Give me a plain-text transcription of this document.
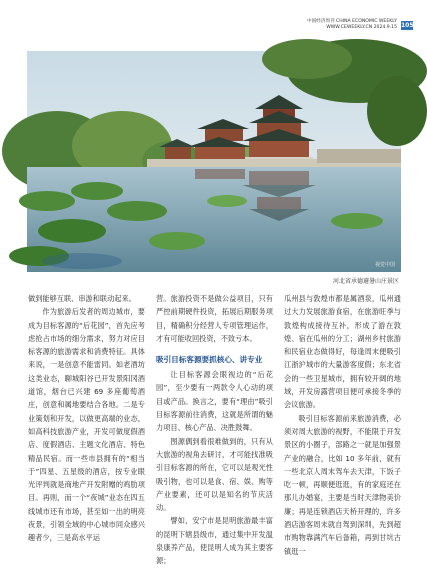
中国经济周刊 CHINA ECONOMIC WEEKLY
WWW.CEWEEKLY.CN 2024.9.15 105
视觉中国
河北省承德避暑山庄景区

做到能够互联、串游和联动起来。

作为旅游后发者的周边城市，要成为目标客源的“后花园”，首先应考虑抢占市场的细分需求，努力对应目标客源的旅游需求和消费特征。具体来说，一是创意不能雷同。如老酒坊这类业态，聊城阳谷已开发景阳冈酒道馆，烟台已兴建 69 多座葡萄酒庄，创意和属地要结合各地。二是专业策划和开发，以做更高端的业态，如高科技旅游产业，开发可做度假酒店、度假酒店、主题文化酒店、特色精品民宿。而一些市县拥有的“相当于”四星、五星级的酒店，按专业眼光评判就是商地产开发附赠的鸡肋项目。再则，而一个“夜城”业态在四五线城市还有市场，甚至如一出的明亮夜景，引领全域的中心城市同众感兴趣者少，三是高水平运

营。旅游投资不是做公益项目，只有严控前期硬件投资，拓展后期服务项目，精确积分经营人专项管理运作，才有可能收回投资，不致亏本。

吸引目标客源要抓核心、讲专业

让目标客源会眼视边的“后花园”，至少要有一两款令人心动的项目或产品。换言之，要有“理由”吸引目标客源前往消费，这就是所谓的魅力项目、核心产品、决胜鼓舞。

图源偶到看很难做到的，只有从大旅游的视角去研讨，才可能找准吸引目标客源的所在，它可以是观光性吸引物，也可以是食、宿、娱、购等产业要素，还可以是知名的节庆活动。

譬如，安宁市是昆明旅游最丰富的昆明下辖县级市，通过集中开发温泉康养产品，使昆明人成为其主要客源；

瓜州县与敦煌市都是属酒泉，瓜州通过大力发展旅游食宿，在旅游旺季与敦煌构成接待互补，形成了游在敦煌、宿在瓜州的分工；湖州乡村旅游和民宿业态做得好，每逢周末便吸引江浙沪城市的大量游客度假；东北省会的一些卫星城市，拥有较开阔的地域，开发房露营项目便可承接冬季的会议旅游。

吸引目标客源前来旅游消费，必须对周大旅游的视野，不能限于开发景区的小圈子，部路之一就是加强景产业的融合，比如 10 多年前，就有一些北京人周末驾车去天津，下饭子吃一顿，再顺便逛逛，有的家庭还在那儿办婚宴，主要是当时天津物美价廉；再是连锁酒店天桥开理的，许多酒店游客周末就自驾到深圳，先到超市购物靠满汽车后备箱，再到甘坑古镇逛一
